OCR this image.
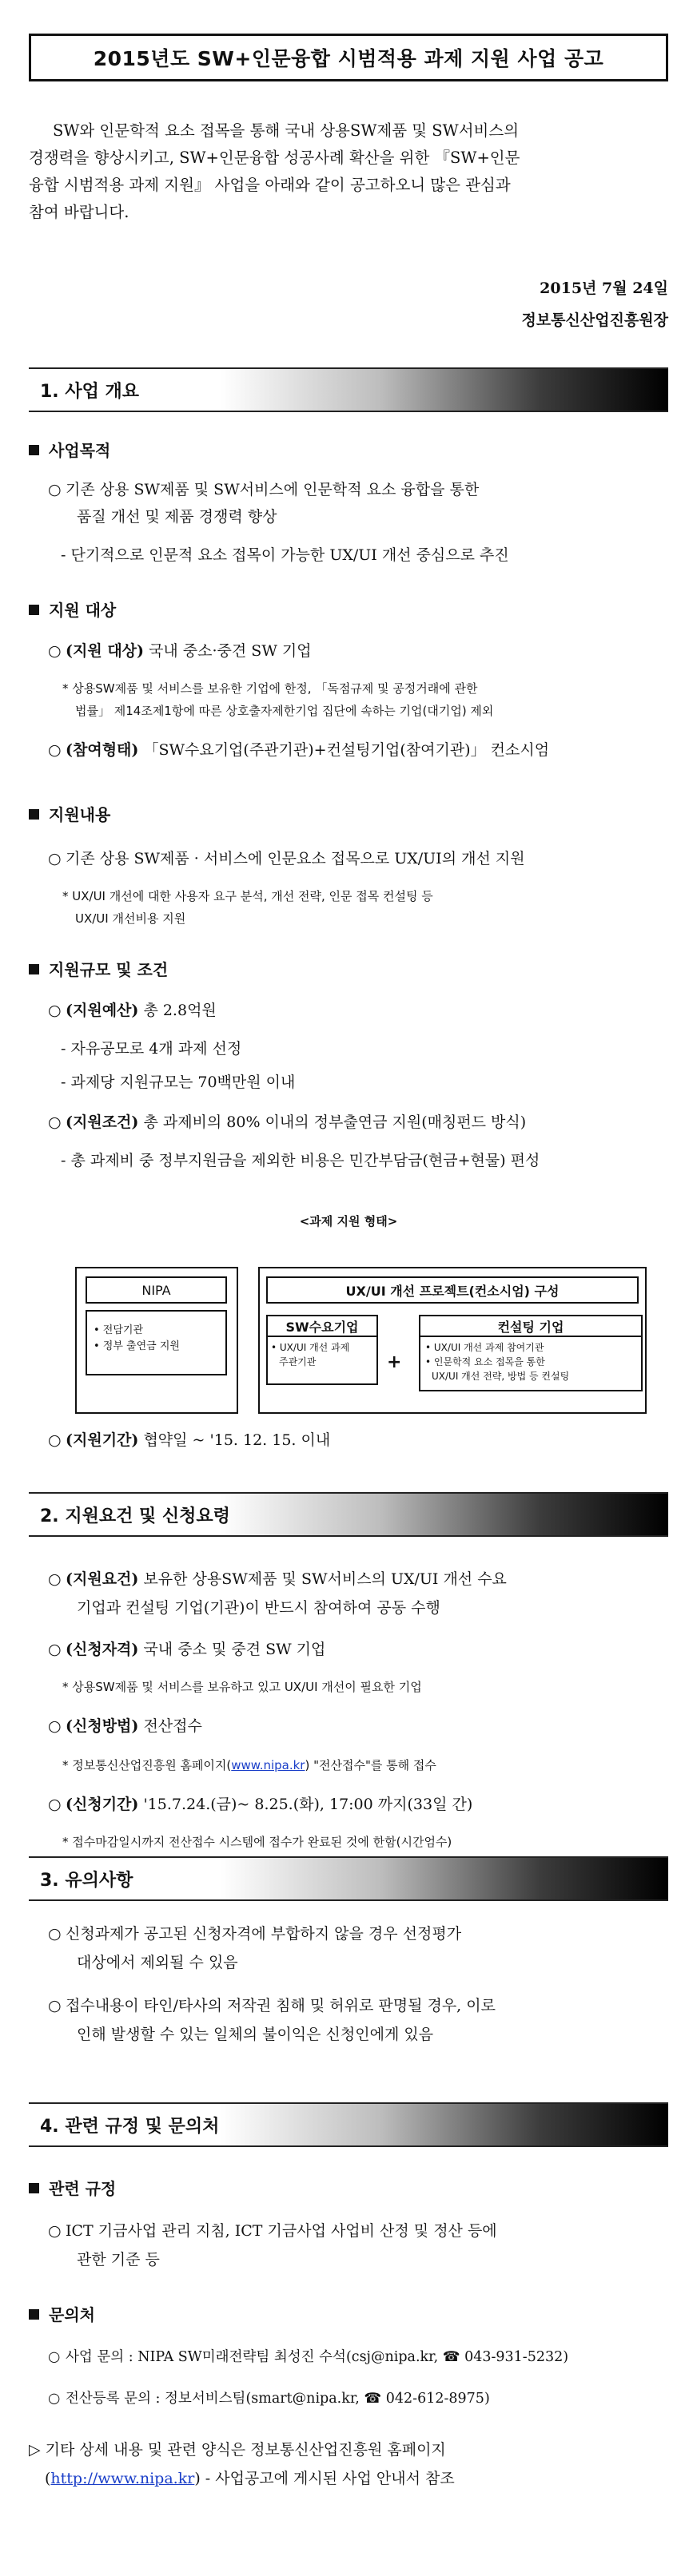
2015년도 SW+인문융합 시범적용 과제 지원 사업 공고
SW와 인문학적 요소 접목을 통해 국내 상용SW제품 및 SW서비스의
경쟁력을 향상시키고, SW+인문융합 성공사례 확산을 위한 『SW+인문
융합 시범적용 과제 지원』 사업을 아래와 같이 공고하오니 많은 관심과
참여 바랍니다.
2015년 7월 24일
정보통신산업진흥원장
1. 사업 개요
사업목적
○ 기존 상용 SW제품 및 SW서비스에 인문학적 요소 융합을 통한
품질 개선 및 제품 경쟁력 향상
- 단기적으로 인문적 요소 접목이 가능한 UX/UI 개선 중심으로 추진
지원 대상
○ (지원 대상) 국내 중소·중견 SW 기업
* 상용SW제품 및 서비스를 보유한 기업에 한정, 「독점규제 및 공정거래에 관한
법률」 제14조제1항에 따른 상호출자제한기업 집단에 속하는 기업(대기업) 제외
○ (참여형태) 「SW수요기업(주관기관)+컨설팅기업(참여기관)」 컨소시엄
지원내용
○ 기존 상용 SW제품 · 서비스에 인문요소 접목으로 UX/UI의 개선 지원
* UX/UI 개선에 대한 사용자 요구 분석, 개선 전략, 인문 접목 컨설팅 등
UX/UI 개선비용 지원
지원규모 및 조건
○ (지원예산) 총 2.8억원
- 자유공모로 4개 과제 선정
- 과제당 지원규모는 70백만원 이내
○ (지원조건) 총 과제비의 80% 이내의 정부출연금 지원(매칭펀드 방식)
- 총 과제비 중 정부지원금을 제외한 비용은 민간부담금(현금+현물) 편성
<과제 지원 형태>
NIPA
• 전담기관
• 정부 출연금 지원
UX/UI 개선 프로젝트(컨소시엄) 구성
SW수요기업
• UX/UI 개선 과제
주관기관	+
컨설팅 기업
• UX/UI 개선 과제 참여기관
• 인문학적 요소 접목을 통한
UX/UI 개선 전략, 방법 등 컨설팅
○ (지원기간) 협약일 ~ '15. 12. 15. 이내
2. 지원요건 및 신청요령
○ (지원요건) 보유한 상용SW제품 및 SW서비스의 UX/UI 개선 수요
기업과 컨설팅 기업(기관)이 반드시 참여하여 공동 수행
○ (신청자격) 국내 중소 및 중견 SW 기업
* 상용SW제품 및 서비스를 보유하고 있고 UX/UI 개선이 필요한 기업
○ (신청방법) 전산접수
* 정보통신산업진흥원 홈페이지(www.nipa.kr) "전산접수"를 통해 접수
○ (신청기간) '15.7.24.(금)~ 8.25.(화), 17:00 까지(33일 간)
* 접수마감일시까지 전산접수 시스템에 접수가 완료된 것에 한함(시간엄수)
3. 유의사항
○ 신청과제가 공고된 신청자격에 부합하지 않을 경우 선정평가
대상에서 제외될 수 있음
○ 접수내용이 타인/타사의 저작권 침해 및 허위로 판명될 경우, 이로
인해 발생할 수 있는 일체의 불이익은 신청인에게 있음
4. 관련 규정 및 문의처
관련 규정
○ ICT 기금사업 관리 지침, ICT 기금사업 사업비 산정 및 정산 등에
관한 기준 등
문의처
○ 사업 문의 : NIPA SW미래전략팀 최성진 수석(csj@nipa.kr, ☎ 043-931-5232)
○ 전산등록 문의 : 정보서비스팀(smart@nipa.kr, ☎ 042-612-8975)
▷ 기타 상세 내용 및 관련 양식은 정보통신산업진흥원 홈페이지
(http://www.nipa.kr) - 사업공고에 게시된 사업 안내서 참조
